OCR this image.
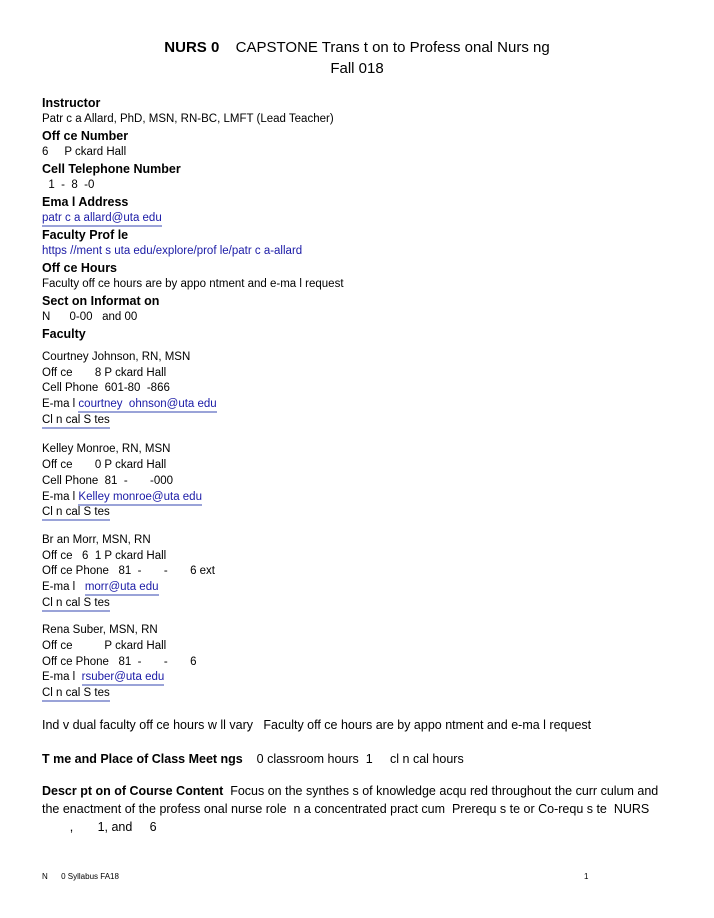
NURS 0 CAPSTONE Trans t on to Profess onal Nurs ng
Fall 018
Instructor
Patr c a Allard, PhD, MSN, RN-BC, LMFT (Lead Teacher)
Off ce Number
6     P ckard Hall
Cell Telephone Number
1  -  8  -0
Ema l Address
patr c a allard@uta edu
Faculty Prof le
https //ment s uta edu/explore/prof le/patr c a-allard
Off ce Hours
Faculty off ce hours are by appo ntment and e-ma l request
Sect on Informat on
N      0-00   and 00
Faculty
Courtney Johnson, RN, MSN
Off ce       8 P ckard Hall
Cell Phone  601-80  -866
E-ma l courtney  ohnson@uta edu
Cl n cal S tes
Kelley Monroe, RN, MSN
Off ce       0 P ckard Hall
Cell Phone  81  -       -000
E-ma l Kelley monroe@uta edu
Cl n cal S tes
Br an Morr, MSN, RN
Off ce   6  1 P ckard Hall
Off ce Phone   81  -       -       6 ext
E-ma l   morr@uta edu
Cl n cal S tes
Rena Suber, MSN, RN
Off ce          P ckard Hall
Off ce Phone   81  -       -       6
E-ma l  rsuber@uta edu
Cl n cal S tes
Ind v dual faculty off ce hours w ll vary   Faculty off ce hours are by appo ntment and e-ma l request
T me and Place of Class Meet ngs    0 classroom hours  1     cl n cal hours
Descr pt on of Course Content  Focus on the synthes s of knowledge acqu red throughout the curr culum and
the enactment of the profess onal nurse role  n a concentrated pract cum  Prerequ s te or Co-requ s te  NURS
,       1, and     6
N      0 Syllabus FA18	1
